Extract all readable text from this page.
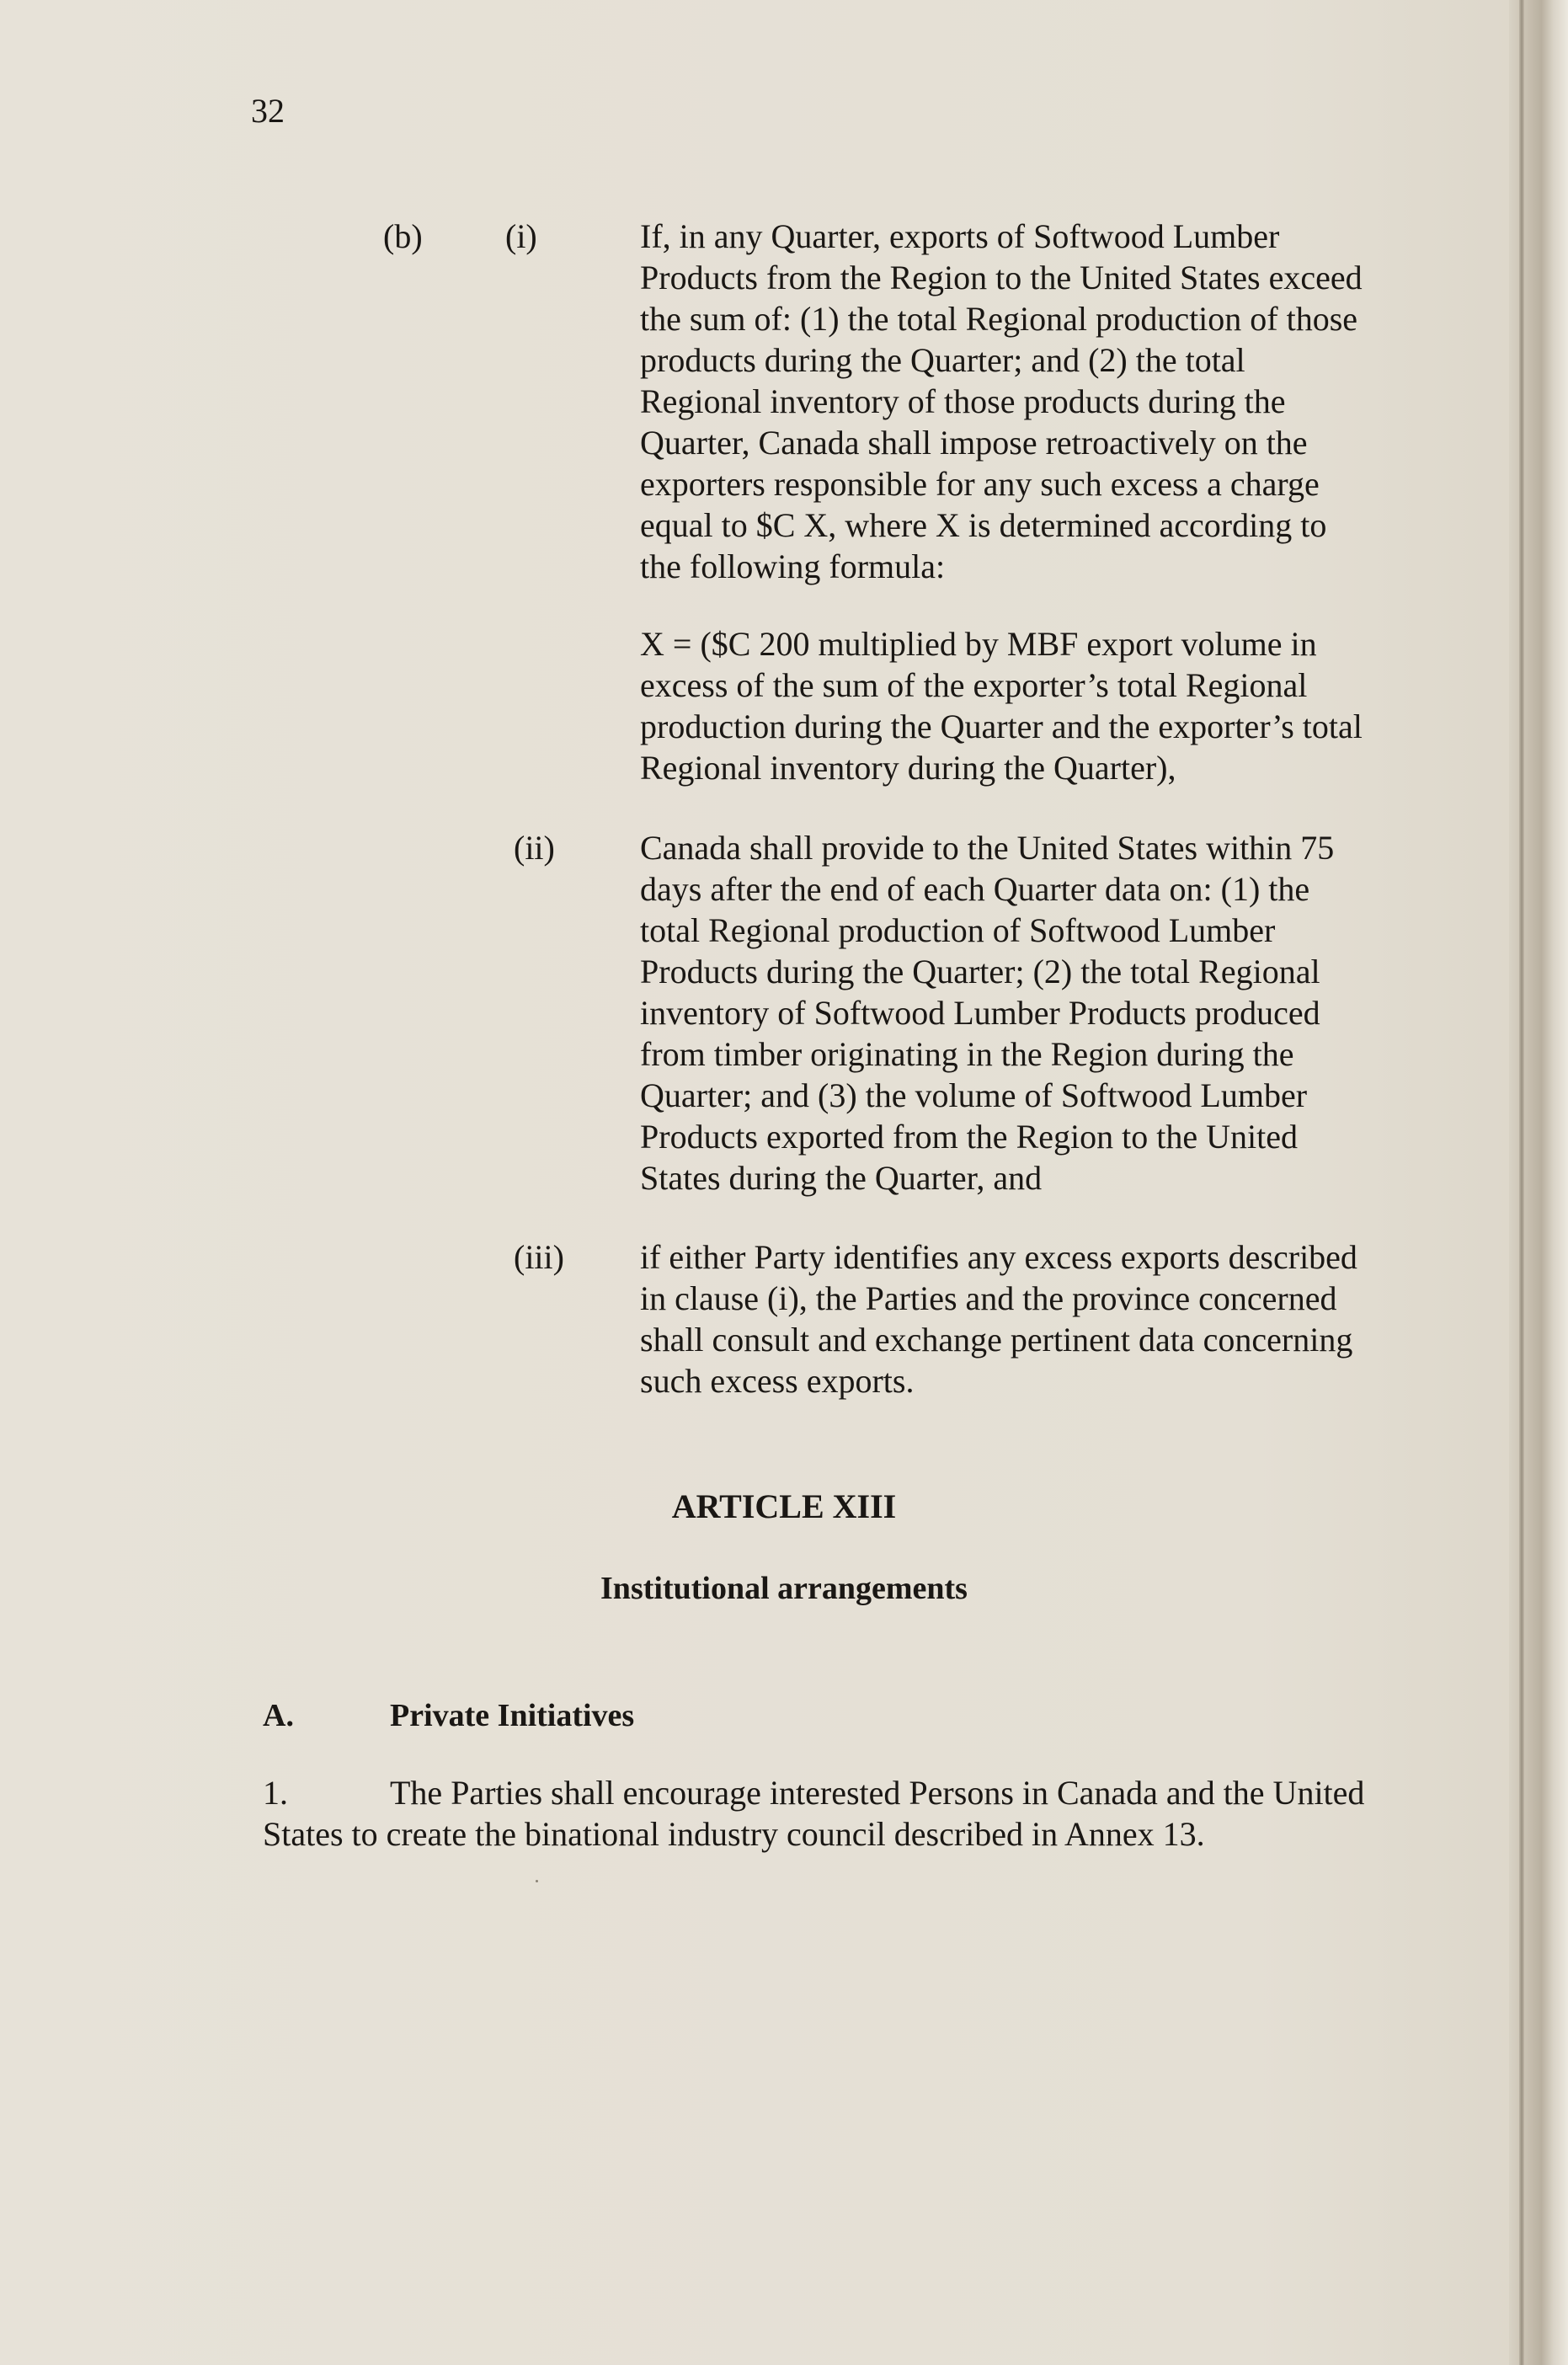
32
(b) (i)	If, in any Quarter, exports of Softwood Lumber
Products from the Region to the United States exceed
the sum of: (1) the total Regional production of those
products during the Quarter; and (2) the total
Regional inventory of those products during the
Quarter, Canada shall impose retroactively on the
exporters responsible for any such excess a charge
equal to $C X, where X is determined according to
the following formula:
X = ($C 200 multiplied by MBF export volume in
excess of the sum of the exporter’s total Regional
production during the Quarter and the exporter’s total
Regional inventory during the Quarter),
(ii)	Canada shall provide to the United States within 75
days after the end of each Quarter data on: (1) the
total Regional production of Softwood Lumber
Products during the Quarter; (2) the total Regional
inventory of Softwood Lumber Products produced
from timber originating in the Region during the
Quarter; and (3) the volume of Softwood Lumber
Products exported from the Region to the United
States during the Quarter, and
(iii) if either Party identifies any excess exports described
in clause (i), the Parties and the province concerned
shall consult and exchange pertinent data concerning
such excess exports.
ARTICLE XIII
Institutional arrangements
A.	Private Initiatives
1.	The Parties shall encourage interested Persons in Canada and the United States to create the binational industry council described in Annex 13.
